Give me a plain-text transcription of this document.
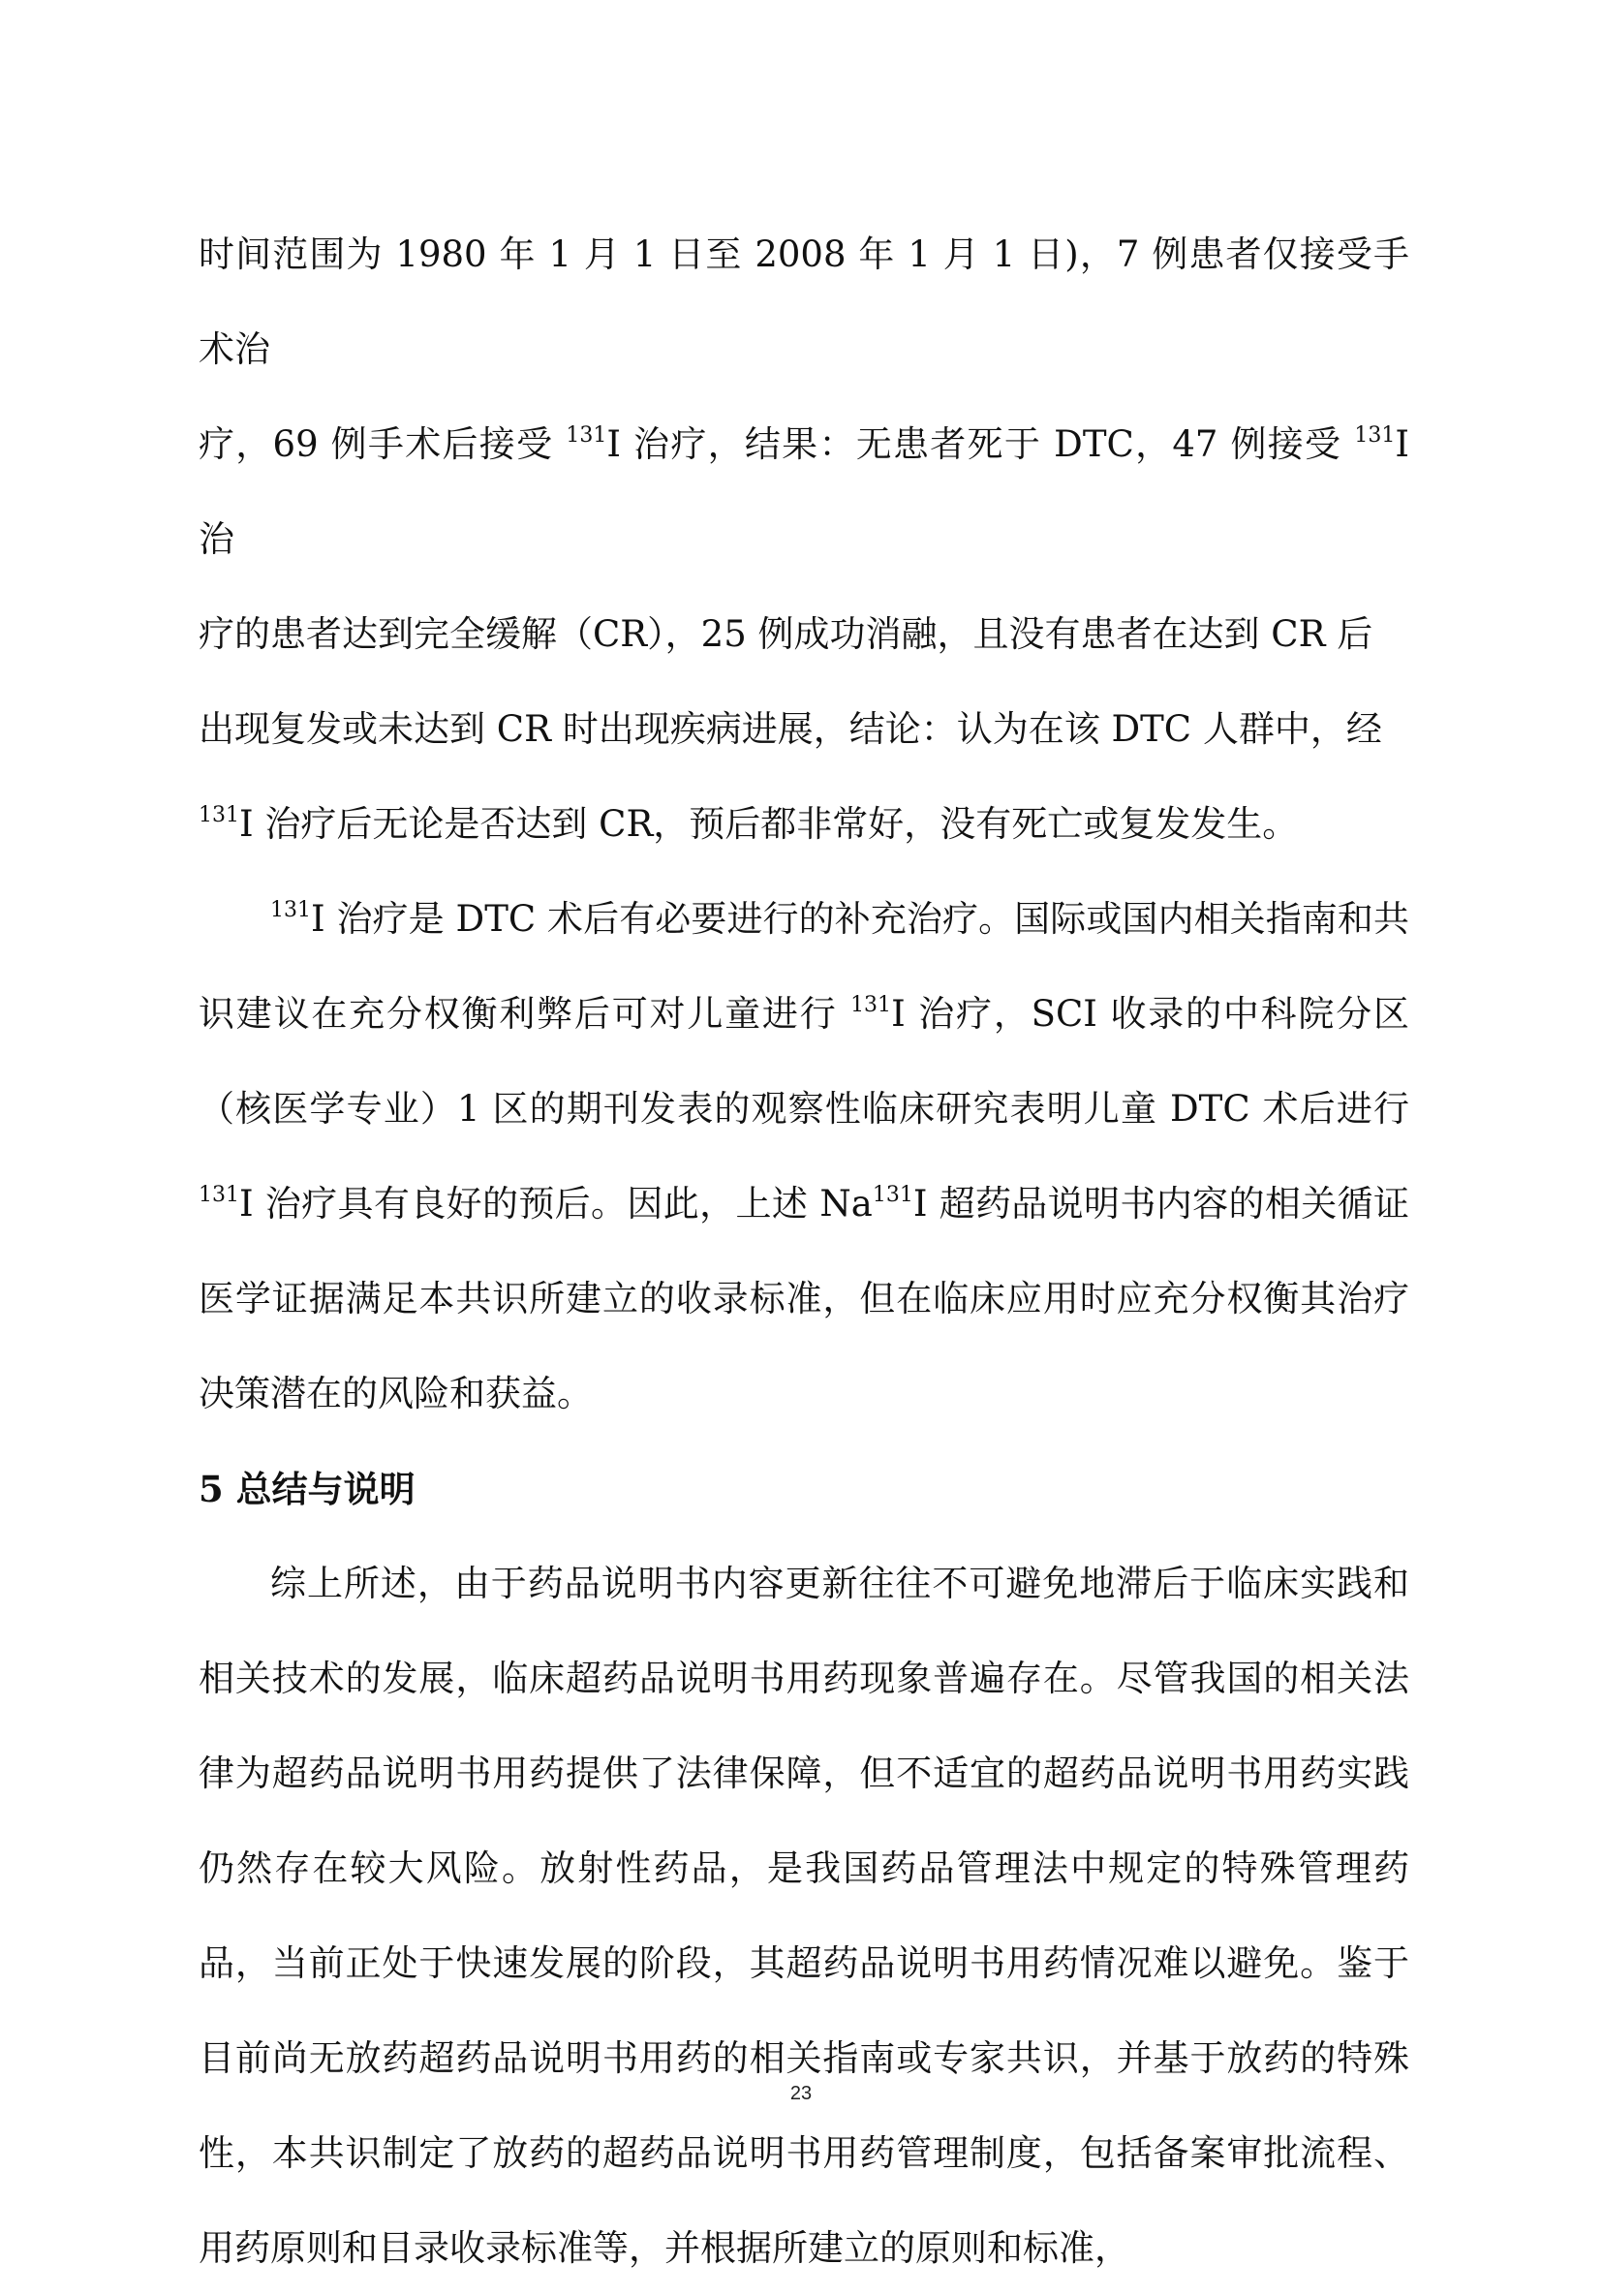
时间范围为 1980 年 1 月 1 日至 2008 年 1 月 1 日)，7 例患者仅接受手术治
疗，69 例手术后接受 $^{131}$I 治疗，结果：无患者死于 DTC，47 例接受 $^{131}$I 治
疗的患者达到完全缓解（CR），25 例成功消融，且没有患者在达到 CR 后
出现复发或未达到 CR 时出现疾病进展，结论：认为在该 DTC 人群中，经
$^{131}$I 治疗后无论是否达到 CR，预后都非常好，没有死亡或复发发生。

$^{131}$I 治疗是 DTC 术后有必要进行的补充治疗。国际或国内相关指南和共识建议在充分权衡利弊后可对儿童进行 $^{131}$I 治疗，SCI 收录的中科院分区（核医学专业）1 区的期刊发表的观察性临床研究表明儿童 DTC 术后进行 $^{131}$I 治疗具有良好的预后。因此，上述 Na$^{131}$I 超药品说明书内容的相关循证医学证据满足本共识所建立的收录标准，但在临床应用时应充分权衡其治疗决策潜在的风险和获益。

5 总结与说明

综上所述，由于药品说明书内容更新往往不可避免地滞后于临床实践和相关技术的发展，临床超药品说明书用药现象普遍存在。尽管我国的相关法律为超药品说明书用药提供了法律保障，但不适宜的超药品说明书用药实践仍然存在较大风险。放射性药品，是我国药品管理法中规定的特殊管理药品，当前正处于快速发展的阶段，其超药品说明书用药情况难以避免。鉴于目前尚无放药超药品说明书用药的相关指南或专家共识，并基于放药的特殊性，本共识制定了放药的超药品说明书用药管理制度，包括备案审批流程、用药原则和目录收录标准等，并根据所建立的原则和标准，

23
